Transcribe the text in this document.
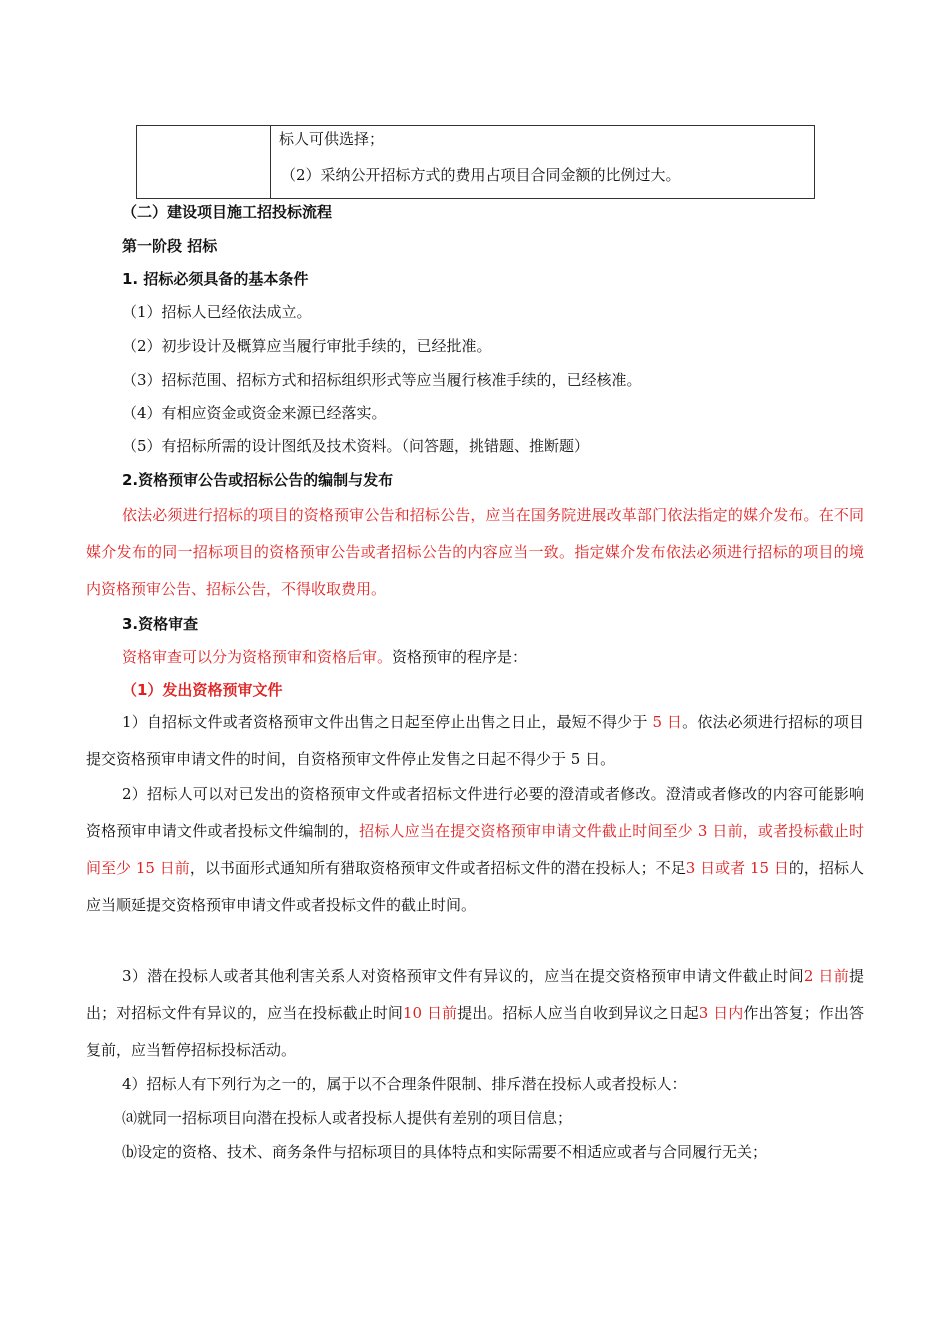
标人可供选择；
（2）采纳公开招标方式的费用占项目合同金额的比例过大。
（二）建设项目施工招投标流程
第一阶段 招标
1. 招标必须具备的基本条件
（1）招标人已经依法成立。
（2）初步设计及概算应当履行审批手续的，已经批准。
（3）招标范围、招标方式和招标组织形式等应当履行核准手续的，已经核准。
（4）有相应资金或资金来源已经落实。
（5）有招标所需的设计图纸及技术资料。（问答题，挑错题、推断题）
2.资格预审公告或招标公告的编制与发布
依法必须进行招标的项目的资格预审公告和招标公告，应当在国务院进展改革部门依法指定的媒介发布。在不同媒介发布的同一招标项目的资格预审公告或者招标公告的内容应当一致。指定媒介发布依法必须进行招标的项目的境内资格预审公告、招标公告，不得收取费用。
3.资格审查
资格审查可以分为资格预审和资格后审。资格预审的程序是：
（1）发出资格预审文件
1）自招标文件或者资格预审文件出售之日起至停止出售之日止，最短不得少于 5 日。依法必须进行招标的项目提交资格预审申请文件的时间，自资格预审文件停止发售之日起不得少于 5 日。
2）招标人可以对已发出的资格预审文件或者招标文件进行必要的澄清或者修改。澄清或者修改的内容可能影响资格预审申请文件或者投标文件编制的，招标人应当在提交资格预审申请文件截止时间至少 3 日前，或者投标截止时间至少 15 日前，以书面形式通知所有猎取资格预审文件或者招标文件的潜在投标人；不足3 日或者 15 日的，招标人应当顺延提交资格预审申请文件或者投标文件的截止时间。
3）潜在投标人或者其他利害关系人对资格预审文件有异议的，应当在提交资格预审申请文件截止时间2 日前提出；对招标文件有异议的，应当在投标截止时间10 日前提出。招标人应当自收到异议之日起3 日内作出答复；作出答复前，应当暂停招标投标活动。
4）招标人有下列行为之一的，属于以不合理条件限制、排斥潜在投标人或者投标人：
⒜就同一招标项目向潜在投标人或者投标人提供有差别的项目信息；
⒝设定的资格、技术、商务条件与招标项目的具体特点和实际需要不相适应或者与合同履行无关；
